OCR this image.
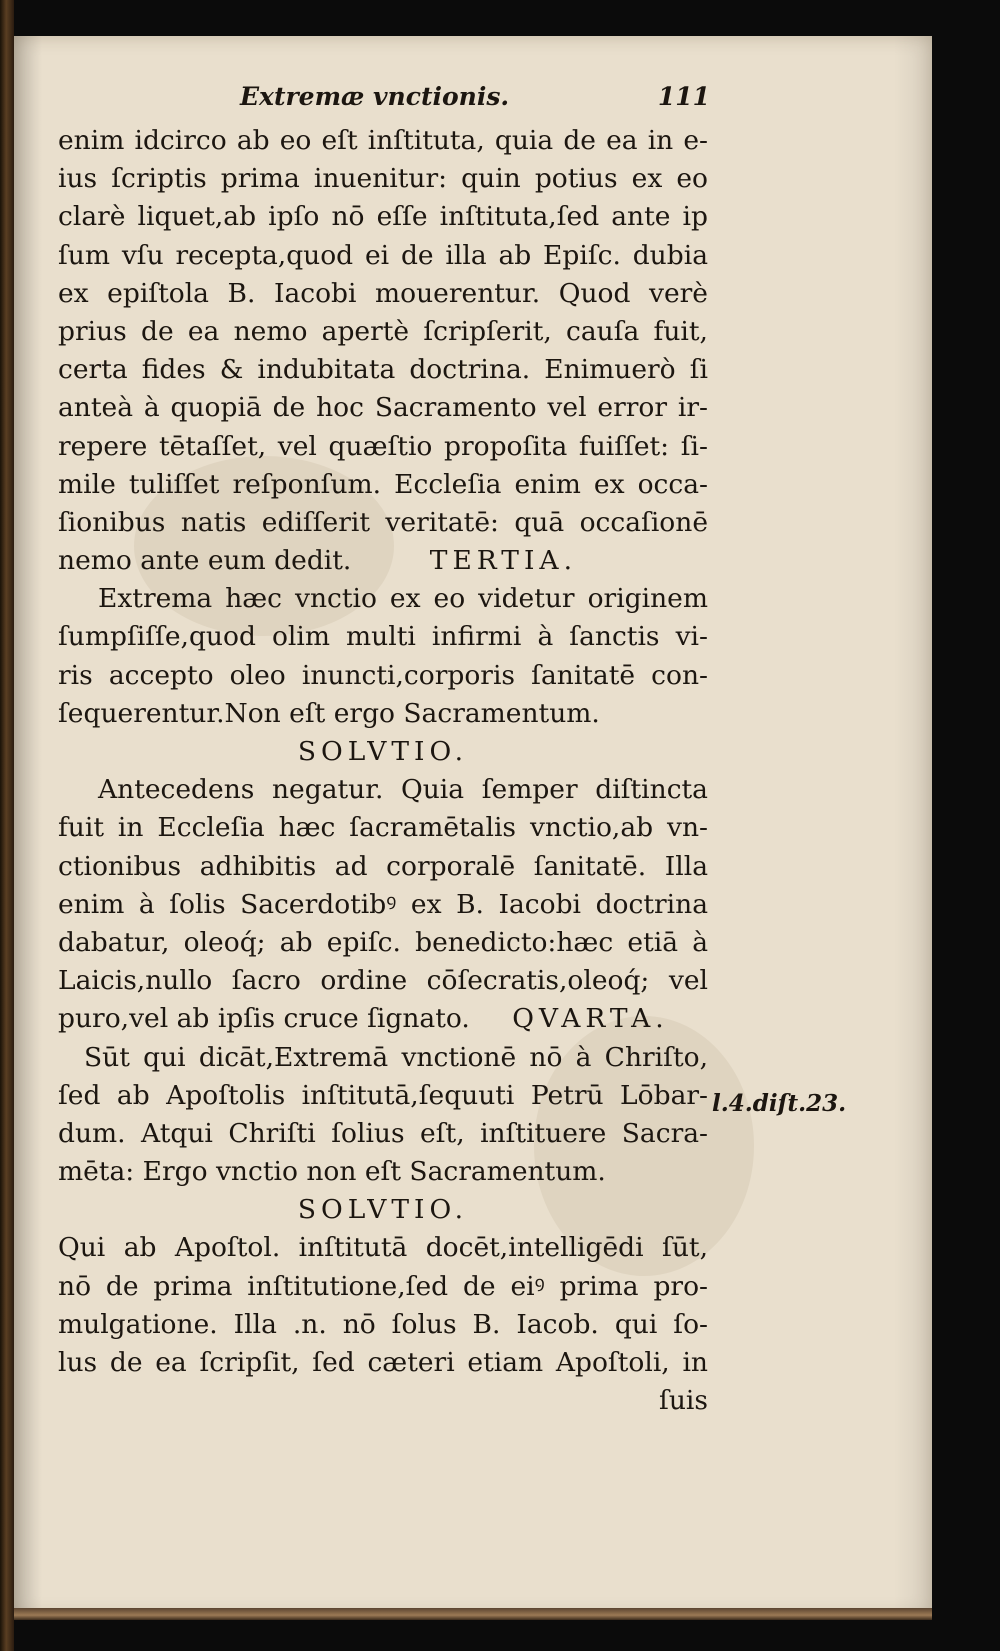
Extremæ vnctionis.	111
enim idcirco ab eo eſt inſtituta, quia de ea in e-
ius ſcriptis prima inuenitur: quin potius ex eo
clarè liquet,ab ipſo nō eſſe inſtituta,ſed ante ip
ſum vſu recepta,quod ei de illa ab Epiſc. dubia
ex epiſtola B. Iacobi mouerentur. Quod verè
prius de ea nemo apertè ſcripſerit, cauſa fuit,
certa fides & indubitata doctrina. Enimuerò ſi
anteà à quopiā de hoc Sacramento vel error ir-
repere tētaſſet, vel quæſtio propoſita fuiſſet: ſi-
mile tuliſſet reſponſum. Eccleſia enim ex occa-
ſionibus natis ediſſerit veritatē: quā occaſionē
nemo ante eum dedit.	TERTIA.
Extrema hæc vnctio ex eo videtur originem
ſumpſiſſe,quod olim multi infirmi à ſanctis vi-
ris accepto oleo inuncti,corporis ſanitatē con-
ſequerentur.Non eſt ergo Sacramentum.
SOLVTIO.
Antecedens negatur. Quia ſemper diſtincta
fuit in Eccleſia hæc ſacramētalis vnctio,ab vn-
ctionibus adhibitis ad corporalē ſanitatē. Illa
enim à ſolis Sacerdotibꝰ ex B. Iacobi doctrina
dabatur, oleoq́; ab epiſc. benedicto:hæc etiā à
Laicis,nullo ſacro ordine cōſecratis,oleoq́; vel
puro,vel ab ipſis cruce ſignato. QVARTA.
Sūt qui dicāt,Extremā vnctionē nō à Chriſto,
ſed ab Apoſtolis inſtitutā,ſequuti Petrū Lōbar-
dum. Atqui Chriſti ſolius eſt, inſtituere Sacra-
mēta: Ergo vnctio non eſt Sacramentum.
SOLVTIO.
Qui ab Apoſtol. inſtitutā docēt,intelligēdi ſūt,
nō de prima inſtitutione,ſed de eiꝰ prima pro-
mulgatione. Illa .n. nō ſolus B. Iacob. qui ſo-
lus de ea ſcripſit, ſed cæteri etiam Apoſtoli, in
ſuis
l.4.diſt.23.
